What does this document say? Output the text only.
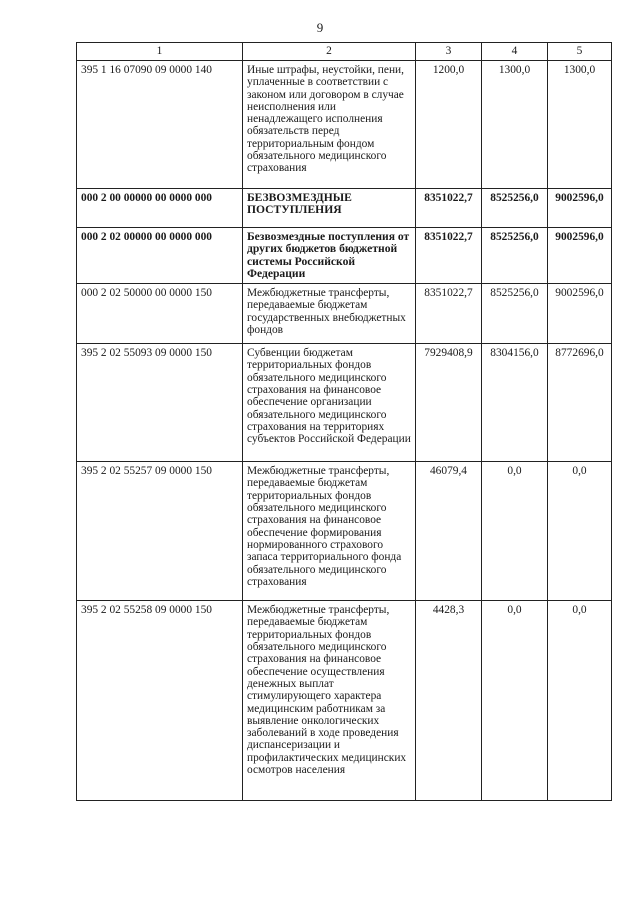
9
1	2	3	4	5
395 1 16 07090 09 0000 140	Иные штрафы, неустойки, пени, уплаченные в соответствии с законом или договором в случае неисполнения или ненадлежащего исполнения обязательств перед территориальным фондом обязательного медицинского страхования	1200,0	1300,0	1300,0
000 2 00 00000 00 0000 000	БЕЗВОЗМЕЗДНЫЕ ПОСТУПЛЕНИЯ	8351022,7	8525256,0	9002596,0
000 2 02 00000 00 0000 000	Безвозмездные поступления от других бюджетов бюджетной системы Российской Федерации	8351022,7	8525256,0	9002596,0
000 2 02 50000 00 0000 150	Межбюджетные трансферты, передаваемые бюджетам государственных внебюджетных фондов	8351022,7	8525256,0	9002596,0
395 2 02 55093 09 0000 150	Субвенции бюджетам территориальных фондов обязательного медицинского страхования на финансовое обеспечение организации обязательного медицинского страхования на территориях субъектов Российской Федерации	7929408,9	8304156,0	8772696,0
395 2 02 55257 09 0000 150	Межбюджетные трансферты, передаваемые бюджетам территориальных фондов обязательного медицинского страхования на финансовое обеспечение формирования нормированного страхового запаса территориального фонда обязательного медицинского страхования	46079,4	0,0	0,0
395 2 02 55258 09 0000 150	Межбюджетные трансферты, передаваемые бюджетам территориальных фондов обязательного медицинского страхования на финансовое обеспечение осуществления денежных выплат стимулирующего характера медицинским работникам за выявление онкологических заболеваний в ходе проведения диспансеризации и профилактических медицинских осмотров населения	4428,3	0,0	0,0
